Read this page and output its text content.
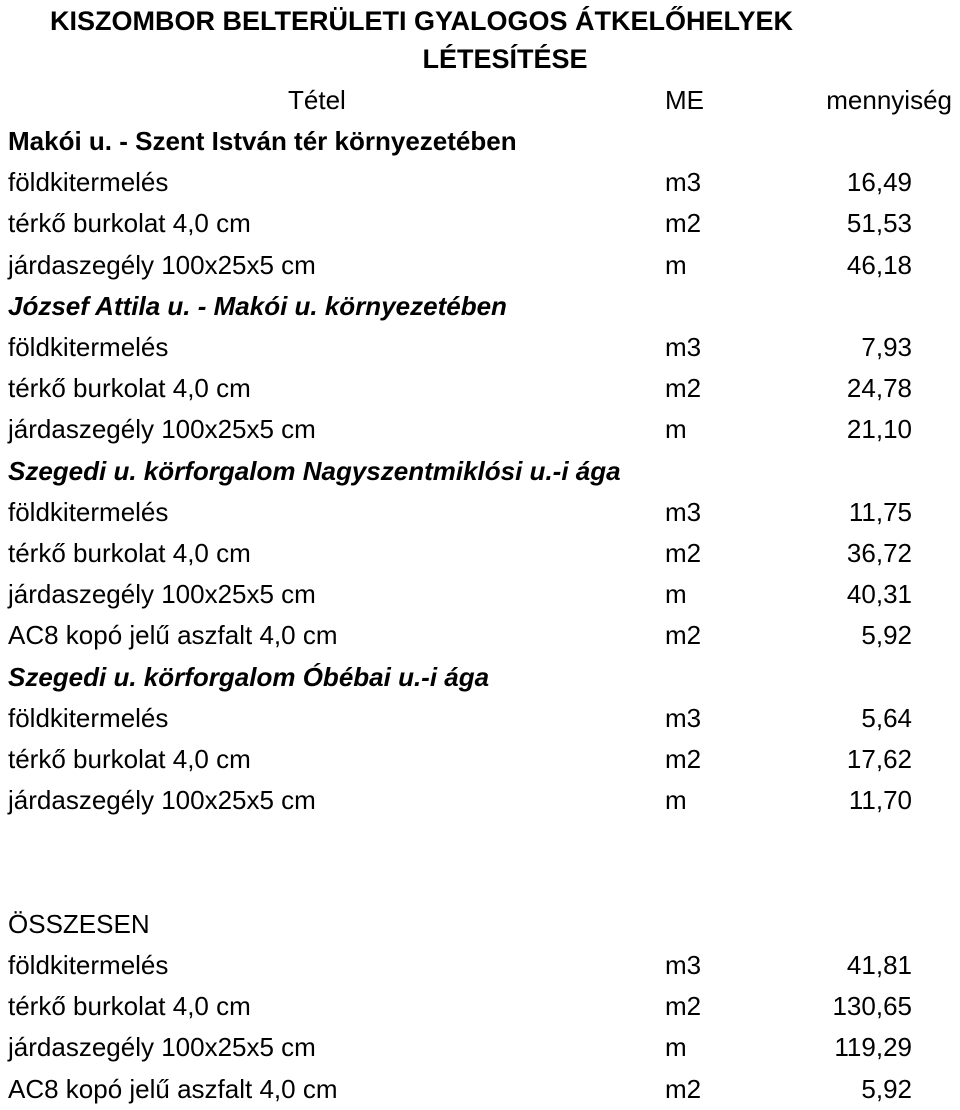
KISZOMBOR BELTERÜLETI GYALOGOS ÁTKELŐHELYEK
LÉTESÍTÉSE
Tétel	ME	mennyiség
Makói u. - Szent István tér környezetében
földkitermelés	m3	16,49
térkő burkolat 4,0 cm	m2	51,53
járdaszegély 100x25x5 cm	m	46,18
József Attila u. - Makói u. környezetében
földkitermelés	m3	7,93
térkő burkolat 4,0 cm	m2	24,78
járdaszegély 100x25x5 cm	m	21,10
Szegedi u. körforgalom Nagyszentmiklósi u.-i ága
földkitermelés	m3	11,75
térkő burkolat 4,0 cm	m2	36,72
járdaszegély 100x25x5 cm	m	40,31
AC8 kopó jelű aszfalt 4,0 cm	m2	5,92
Szegedi u. körforgalom Óbébai u.-i ága
földkitermelés	m3	5,64
térkő burkolat 4,0 cm	m2	17,62
járdaszegély 100x25x5 cm	m	11,70
ÖSSZESEN
földkitermelés	m3	41,81
térkő burkolat 4,0 cm	m2	130,65
járdaszegély 100x25x5 cm	m	119,29
AC8 kopó jelű aszfalt 4,0 cm	m2	5,92
